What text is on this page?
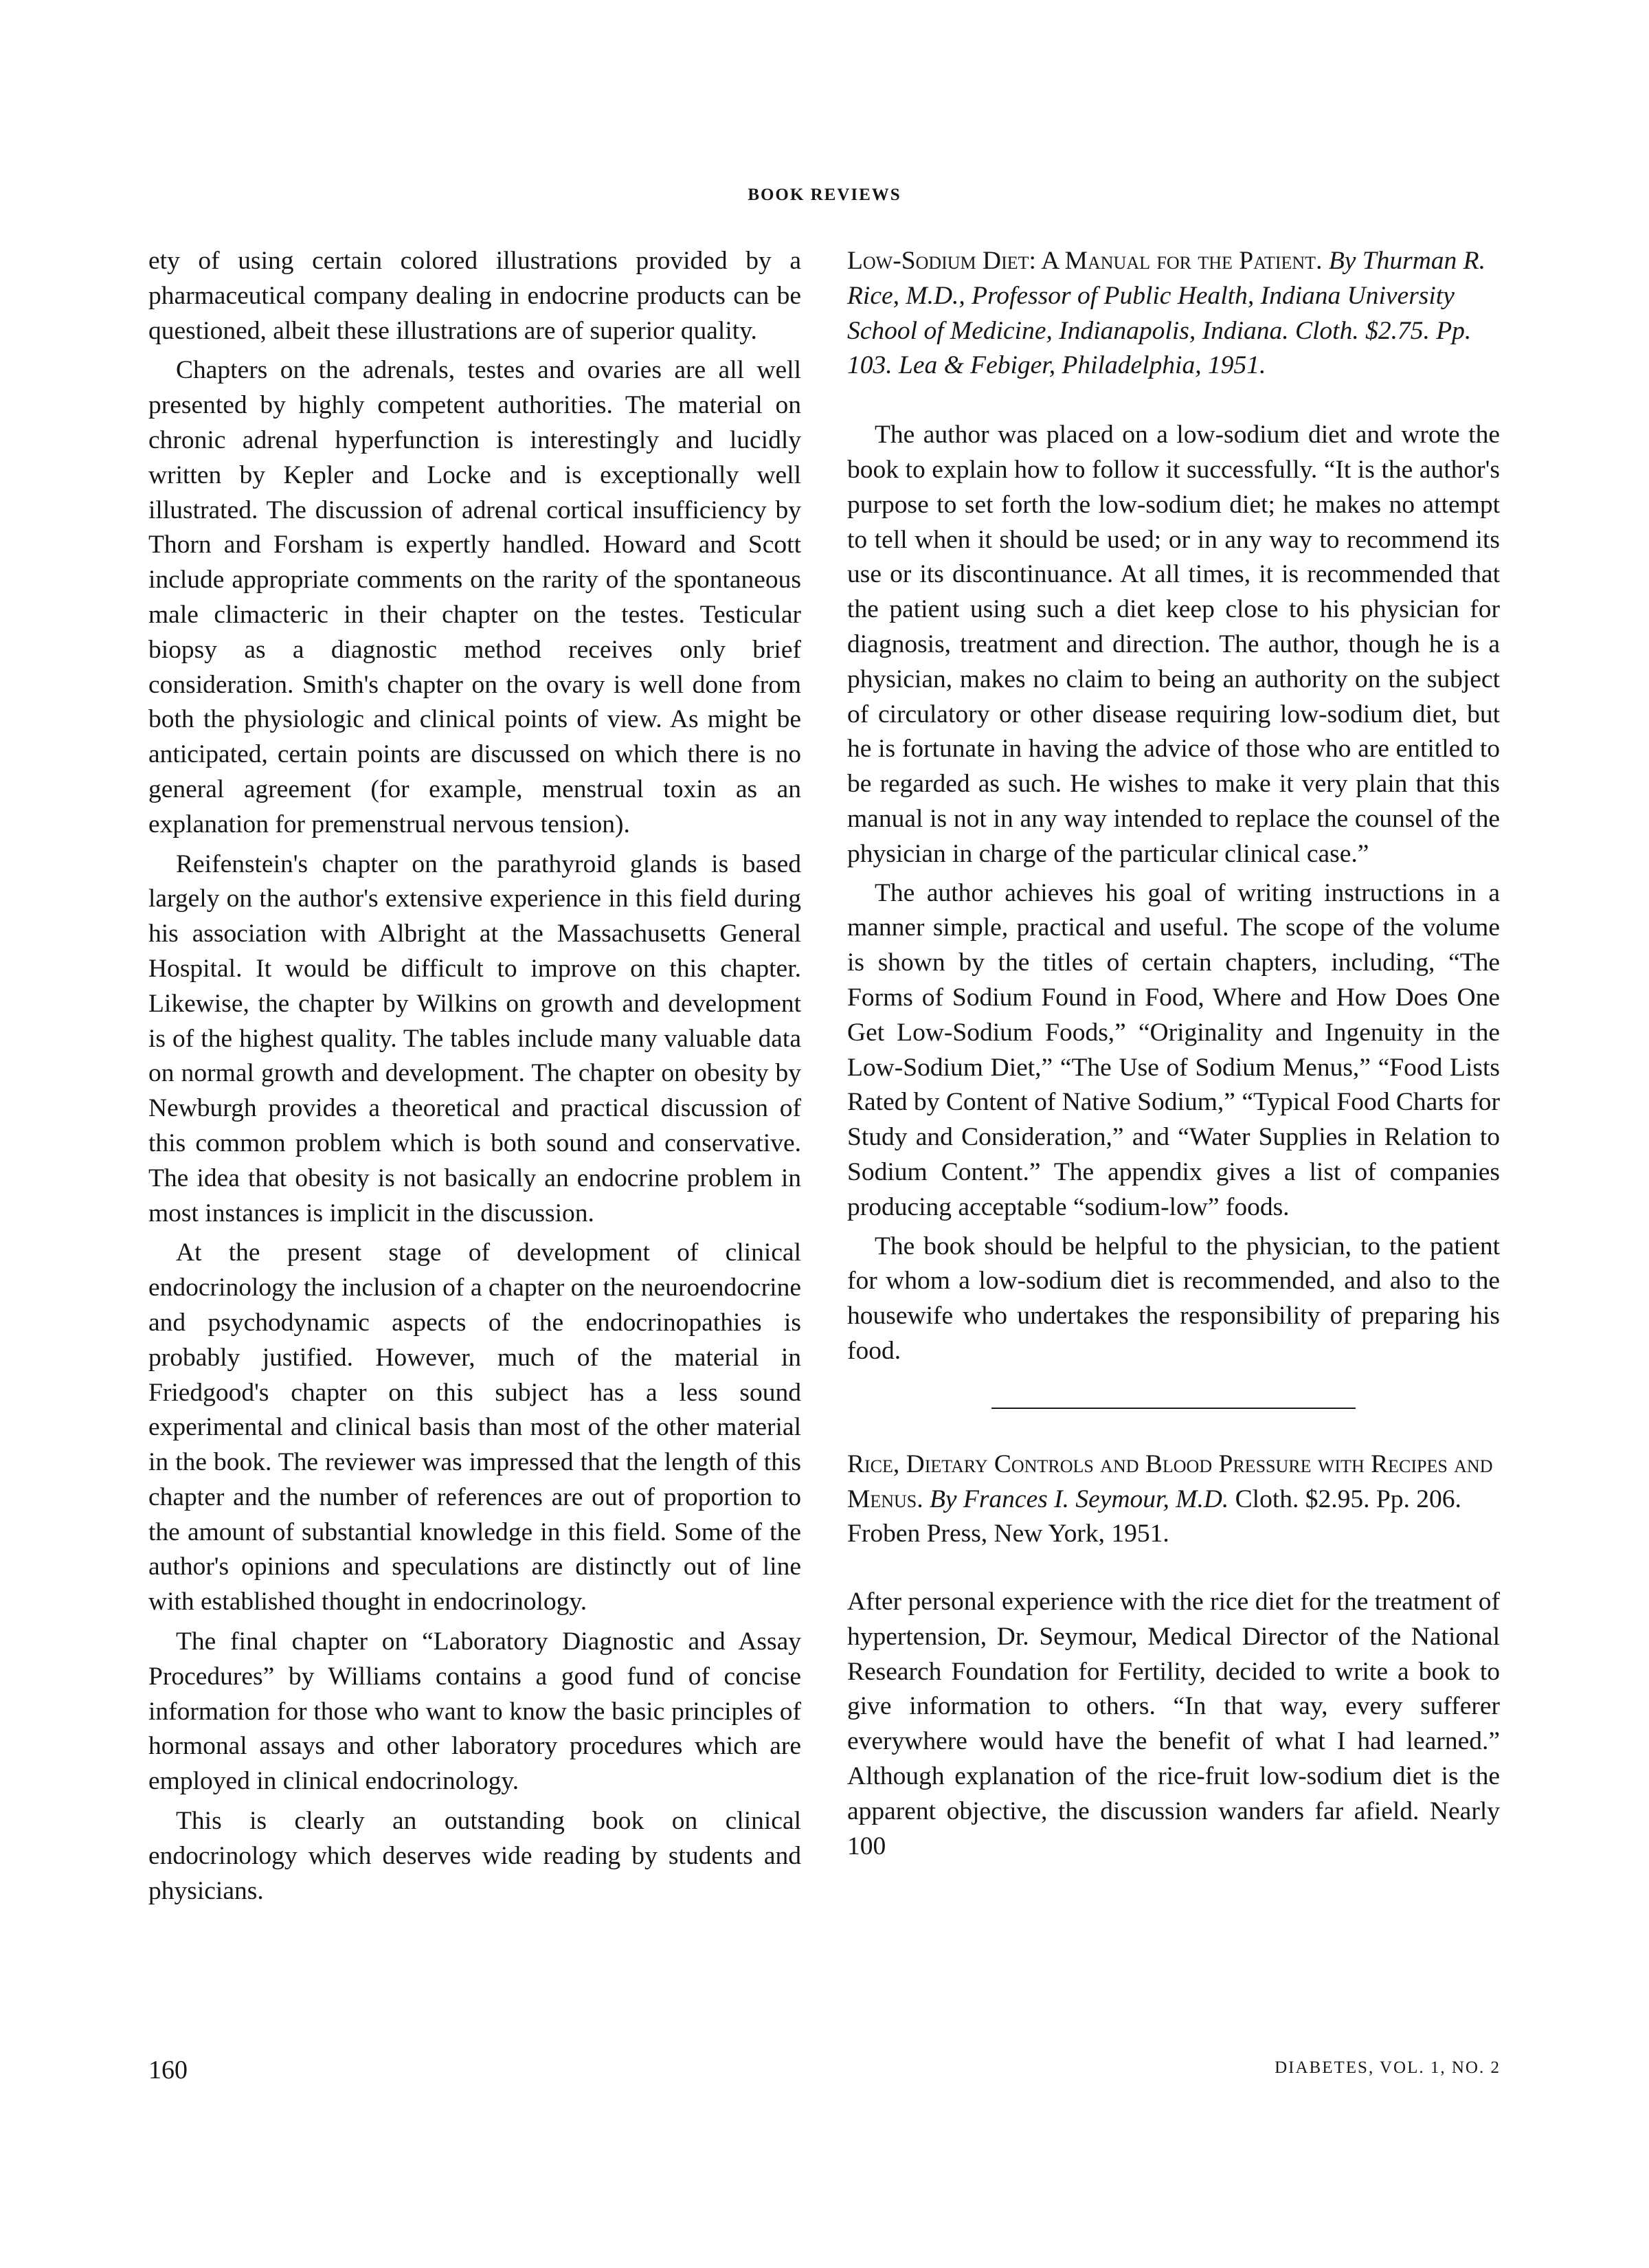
BOOK REVIEWS

ety of using certain colored illustrations provided by a pharmaceutical company dealing in endocrine products can be questioned, albeit these illustrations are of superior quality.

Chapters on the adrenals, testes and ovaries are all well presented by highly competent authorities. The material on chronic adrenal hyperfunction is interestingly and lucidly written by Kepler and Locke and is exceptionally well illustrated. The discussion of adrenal cortical insufficiency by Thorn and Forsham is expertly handled. Howard and Scott include appropriate comments on the rarity of the spontaneous male climacteric in their chapter on the testes. Testicular biopsy as a diagnostic method receives only brief consideration. Smith's chapter on the ovary is well done from both the physiologic and clinical points of view. As might be anticipated, certain points are discussed on which there is no general agreement (for example, menstrual toxin as an explanation for premenstrual nervous tension).

Reifenstein's chapter on the parathyroid glands is based largely on the author's extensive experience in this field during his association with Albright at the Massachusetts General Hospital. It would be difficult to improve on this chapter. Likewise, the chapter by Wilkins on growth and development is of the highest quality. The tables include many valuable data on normal growth and development. The chapter on obesity by Newburgh provides a theoretical and practical discussion of this common problem which is both sound and conservative. The idea that obesity is not basically an endocrine problem in most instances is implicit in the discussion.

At the present stage of development of clinical endocrinology the inclusion of a chapter on the neuroendocrine and psychodynamic aspects of the endocrinopathies is probably justified. However, much of the material in Friedgood's chapter on this subject has a less sound experimental and clinical basis than most of the other material in the book. The reviewer was impressed that the length of this chapter and the number of references are out of proportion to the amount of substantial knowledge in this field. Some of the author's opinions and speculations are distinctly out of line with established thought in endocrinology.

The final chapter on “Laboratory Diagnostic and Assay Procedures” by Williams contains a good fund of concise information for those who want to know the basic principles of hormonal assays and other laboratory procedures which are employed in clinical endocrinology.

This is clearly an outstanding book on clinical endocrinology which deserves wide reading by students and physicians.

Low-Sodium Diet: A Manual for the Patient. By Thurman R. Rice, M.D., Professor of Public Health, Indiana University School of Medicine, Indianapolis, Indiana. Cloth. $2.75. Pp. 103. Lea & Febiger, Philadelphia, 1951.

The author was placed on a low-sodium diet and wrote the book to explain how to follow it successfully. “It is the author's purpose to set forth the low-sodium diet; he makes no attempt to tell when it should be used; or in any way to recommend its use or its discontinuance. At all times, it is recommended that the patient using such a diet keep close to his physician for diagnosis, treatment and direction. The author, though he is a physician, makes no claim to being an authority on the subject of circulatory or other disease requiring low-sodium diet, but he is fortunate in having the advice of those who are entitled to be regarded as such. He wishes to make it very plain that this manual is not in any way intended to replace the counsel of the physician in charge of the particular clinical case.”

The author achieves his goal of writing instructions in a manner simple, practical and useful. The scope of the volume is shown by the titles of certain chapters, including, “The Forms of Sodium Found in Food, Where and How Does One Get Low-Sodium Foods,” “Originality and Ingenuity in the Low-Sodium Diet,” “The Use of Sodium Menus,” “Food Lists Rated by Content of Native Sodium,” “Typical Food Charts for Study and Consideration,” and “Water Supplies in Relation to Sodium Content.” The appendix gives a list of companies producing acceptable “sodium-low” foods.

The book should be helpful to the physician, to the patient for whom a low-sodium diet is recommended, and also to the housewife who undertakes the responsibility of preparing his food.

Rice, Dietary Controls and Blood Pressure with Recipes and Menus. By Frances I. Seymour, M.D. Cloth. $2.95. Pp. 206. Froben Press, New York, 1951.

After personal experience with the rice diet for the treatment of hypertension, Dr. Seymour, Medical Director of the National Research Foundation for Fertility, decided to write a book to give information to others. “In that way, every sufferer everywhere would have the benefit of what I had learned.” Although explanation of the rice-fruit low-sodium diet is the apparent objective, the discussion wanders far afield. Nearly 100

160	DIABETES, VOL. 1, NO. 2
